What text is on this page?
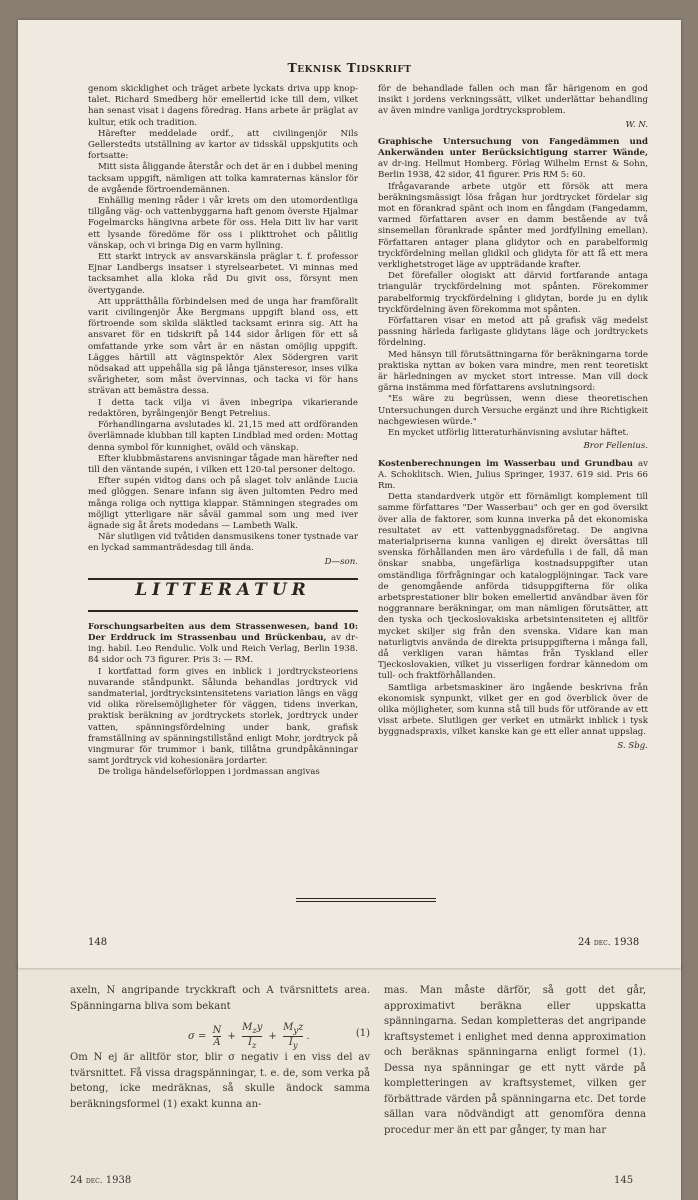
axeln, N angripande tryckkraft och A tvärsnittets area. Spänningarna bliva som bekant

$\sigma = \frac{N}{A} + \frac{M_zy}{I_z} + \frac{M_yz}{I_y}$ .	(1)

Om N ej är alltför stor, blir σ negativ i en viss del av tvärsnittet. Få vissa dragspänningar, t. e. de, som verka på betong, icke medräknas, så skulle ändock samma beräkningsformel (1) exakt kunna an-

mas. Man måste därför, så gott det går, approximativt beräkna eller uppskatta spänningarna. Sedan kompletteras det angripande kraftsystemet i enlighet med denna approximation och beräknas spänningarna enligt formel (1). Dessa nya spänningar ge ett nytt värde på kompletteringen av kraftsystemet, vilken ger förbättrade värden på spänningarna etc. Det torde sällan vara nödvändigt att genomföra denna procedur mer än ett par gånger, ty man har

24 dec. 1938	145
Teknisk Tidskrift

genom skicklighet och träget arbete lyckats driva upp knop-talet. Richard Smedberg hör emellertid icke till dem, vilket han senast visat i dagens föredrag. Hans arbete är präglat av kultur, etik och tradition.

Härefter meddelade ordf., att civilingenjör Nils Gellerstedts utställning av kartor av tidsskäl uppskjutits och fortsatte:

Mitt sista åliggande återstår och det är en i dubbel mening tacksam uppgift, nämligen att tolka kamraternas känslor för de avgående förtroendemännen.

Enhällig mening råder i vår krets om den utomordentliga tillgång väg- och vattenbyggarna haft genom överste Hjalmar Fogelmarcks hängivna arbete för oss. Hela Ditt liv har varit ett lysande föredöme för oss i plikttrohet och pålitlig vänskap, och vi bringa Dig en varm hyllning.

Ett starkt intryck av ansvarskänsla präglar t. f. professor Ejnar Landbergs insatser i styrelsearbetet. Vi minnas med tacksamhet alla kloka råd Du givit oss, försynt men övertygande.

Att upprätthålla förbindelsen med de unga har framförallt varit civilingenjör Åke Bergmans uppgift bland oss, ett förtroende som skilda släktled tacksamt erinra sig. Att ha ansvaret för en tidskrift på 144 sidor årligen för ett så omfattande yrke som vårt är en nästan omöjlig uppgift. Lägges härtill att väginspektör Alex Södergren varit nödsakad att uppehålla sig på långa tjänsteresor, inses vilka svårigheter, som måst övervinnas, och tacka vi för hans strävan att bemästra dessa.

I detta tack vilja vi även inbegripa vikarierande redaktören, byråingenjör Bengt Petrelius.

Förhandlingarna avslutades kl. 21,15 med att ordföranden överlämnade klubban till kapten Lindblad med orden: Mottag denna symbol för kunnighet, oväld och vänskap.

Efter klubbmästarens anvisningar tågade man härefter ned till den väntande supén, i vilken ett 120-tal personer deltogo.

Efter supén vidtog dans och på slaget tolv anlände Lucia med glöggen. Senare infann sig även jultomten Pedro med många roliga och nyttiga klappar. Stämningen stegrades om möjligt ytterligare när såväl gammal som ung med iver ägnade sig åt årets modedans — Lambeth Walk.

När slutligen vid tvåtiden dansmusikens toner tystnade var en lyckad sammanträdesdag till ända.

D—son.

LITTERATUR

Forschungsarbeiten aus dem Strassenwesen, band 10: Der Erddruck im Strassenbau und Brückenbau, av dr-ing. habil. Leo Rendulic. Volk und Reich Verlag, Berlin 1938. 84 sidor och 73 figurer. Pris 3: — RM.

I kortfattad form gives en inblick i jordtrycksteoriens nuvarande ståndpunkt. Sålunda behandlas jordtryck vid sandmaterial, jordtrycksintensitetens variation längs en vägg vid olika rörelsemöjligheter för väggen, tidens inverkan, praktisk beräkning av jordtryckets storlek, jordtryck under vatten, spänningsfördelning under bank, grafisk framställning av spänningstillstånd enligt Mohr, jordtryck på vingmurar för trummor i bank, tillåtna grundpåkänningar samt jordtryck vid kohesionära jordarter.

De troliga händelseförloppen i jordmassan angivas

för de behandlade fallen och man får härigenom en god insikt i jordens verkningssätt, vilket underlättar behandling av även mindre vanliga jordtrycksproblem.

W. N.

Graphische Untersuchung von Fangedämmen und Ankerwänden unter Berücksichtigung starrer Wände, av dr-ing. Hellmut Homberg. Förlag Wilhelm Ernst & Sohn, Berlin 1938, 42 sidor, 41 figurer. Pris RM 5: 60.

Ifrågavarande arbete utgör ett försök att mera beräkningsmässigt lösa frågan hur jordtrycket fördelar sig mot en förankrad spänt och inom en fångdam (Fangedamm, varmed författaren avser en damm bestående av två sinsemellan förankrade spånter med jordfyllning emellan). Författaren antager plana glidytor och en parabelformig tryckfördelning mellan glidkil och glidyta för att få ett mera verklighetstroget läge av uppträdande krafter.

Det förefaller ologiskt att därvid fortfarande antaga triangulär tryckfördelning mot spånten. Förekommer parabelformig tryckfördelning i glidytan, borde ju en dylik tryckfördelning även förekomma mot spånten.

Författaren visar en metod att på grafisk väg medelst passning härleda farligaste glidytans läge och jordtryckets fördelning.

Med hänsyn till förutsättningarna för beräkningarna torde praktiska nyttan av boken vara mindre, men rent teoretiskt är härledningen av mycket stort intresse. Man vill dock gärna instämma med författarens avslutningsord:

"Es wäre zu begrüssen, wenn diese theoretischen Untersuchungen durch Versuche ergänzt und ihre Richtigkeit nachgewiesen würde."

En mycket utförlig litteraturhänvisning avslutar häftet.

Bror Fellenius.

Kostenberechnungen im Wasserbau und Grundbau av A. Schoklitsch. Wien, Julius Springer, 1937. 619 sid. Pris 66 Rm.

Detta standardverk utgör ett förnämligt komplement till samme författares "Der Wasserbau" och ger en god översikt över alla de faktorer, som kunna inverka på det ekonomiska resultatet av ett vattenbyggnadsföretag. De angivna materialpriserna kunna vanligen ej direkt översättas till svenska förhållanden men äro värdefulla i de fall, då man önskar snabba, ungefärliga kostnadsuppgifter utan omständliga förfrågningar och katalogplöjningar. Tack vare de genomgående anförda tidsuppgifterna för olika arbetsprestationer blir boken emellertid användbar även för noggrannare beräkningar, om man nämligen förutsätter, att den tyska och tjeckoslovakiska arbetsintensiteten ej alltför mycket skiljer sig från den svenska. Vidare kan man naturligtvis använda de direkta prisuppgifterna i många fall, då verkligen varan hämtas från Tyskland eller Tjeckoslovakien, vilket ju visserligen fordrar kännedom om tull- och fraktförhållanden.

Samtliga arbetsmaskiner äro ingående beskrivna från ekonomisk synpunkt, vilket ger en god överblick över de olika möjligheter, som kunna stå till buds för utförande av ett visst arbete. Slutligen ger verket en utmärkt inblick i tysk byggnadspraxis, vilket kanske kan ge ett eller annat uppslag.

S. Sbg.

148	24 dec. 1938
